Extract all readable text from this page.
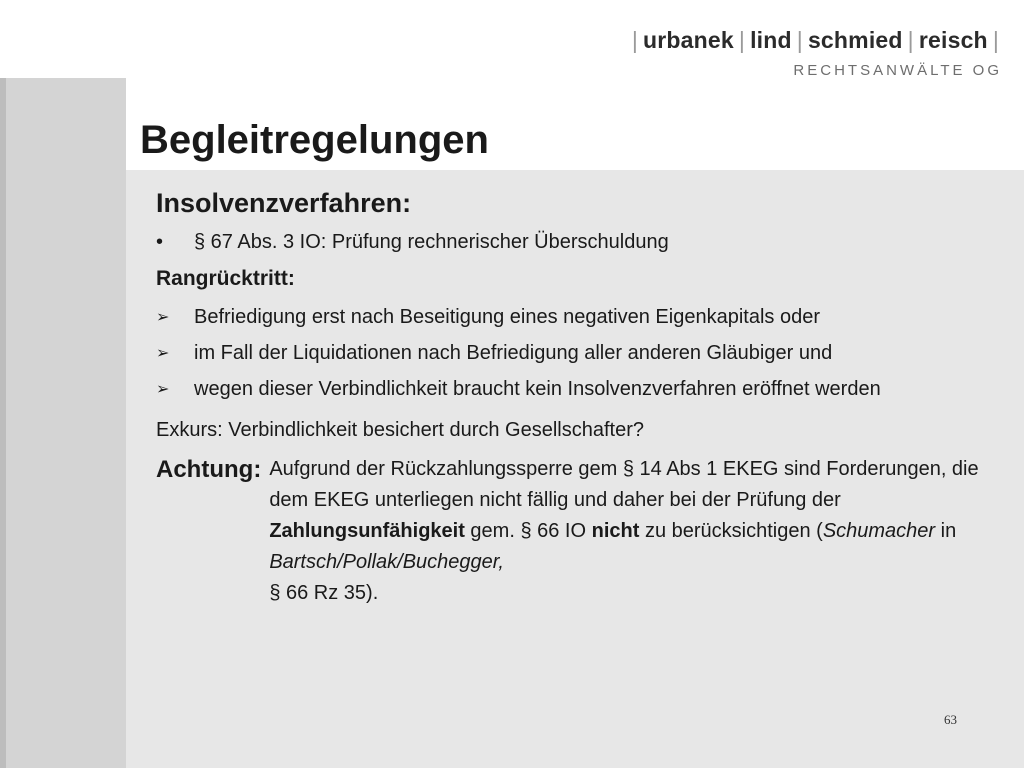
| urbanek | lind | schmied | reisch |
RECHTSANWÄLTE OG
Begleitregelungen

Insolvenzverfahren:

•	§ 67 Abs. 3 IO: Prüfung rechnerischer Überschuldung

Rangrücktritt:

➢	Befriedigung erst nach Beseitigung eines negativen Eigenkapitals oder
➢	im Fall der Liquidationen nach Befriedigung aller anderen Gläubiger und
➢	wegen dieser Verbindlichkeit braucht kein Insolvenzverfahren eröffnet werden

Exkurs: Verbindlichkeit besichert durch Gesellschafter?

Achtung: Aufgrund der Rückzahlungssperre gem § 14 Abs 1 EKEG sind Forderungen, die dem EKEG unterliegen nicht fällig und daher bei der Prüfung der Zahlungsunfähigkeit gem. § 66 IO nicht zu berücksichtigen (Schumacher in Bartsch/Pollak/Buchegger,
§ 66 Rz 35).
63
